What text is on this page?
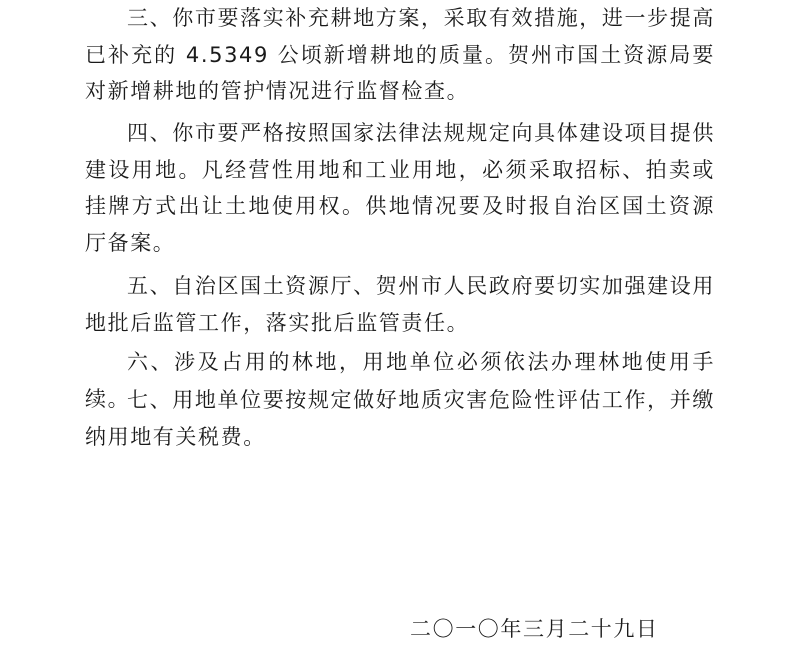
三、你市要落实补充耕地方案，采取有效措施，进一步提高已补充的 4.5349 公顷新增耕地的质量。贺州市国土资源局要对新增耕地的管护情况进行监督检查。

四、你市要严格按照国家法律法规规定向具体建设项目提供建设用地。凡经营性用地和工业用地，必须采取招标、拍卖或挂牌方式出让土地使用权。供地情况要及时报自治区国土资源厅备案。

五、自治区国土资源厅、贺州市人民政府要切实加强建设用地批后监管工作，落实批后监管责任。

六、涉及占用的林地，用地单位必须依法办理林地使用手续。

七、用地单位要按规定做好地质灾害危险性评估工作，并缴纳用地有关税费。

二〇一〇年三月二十九日
